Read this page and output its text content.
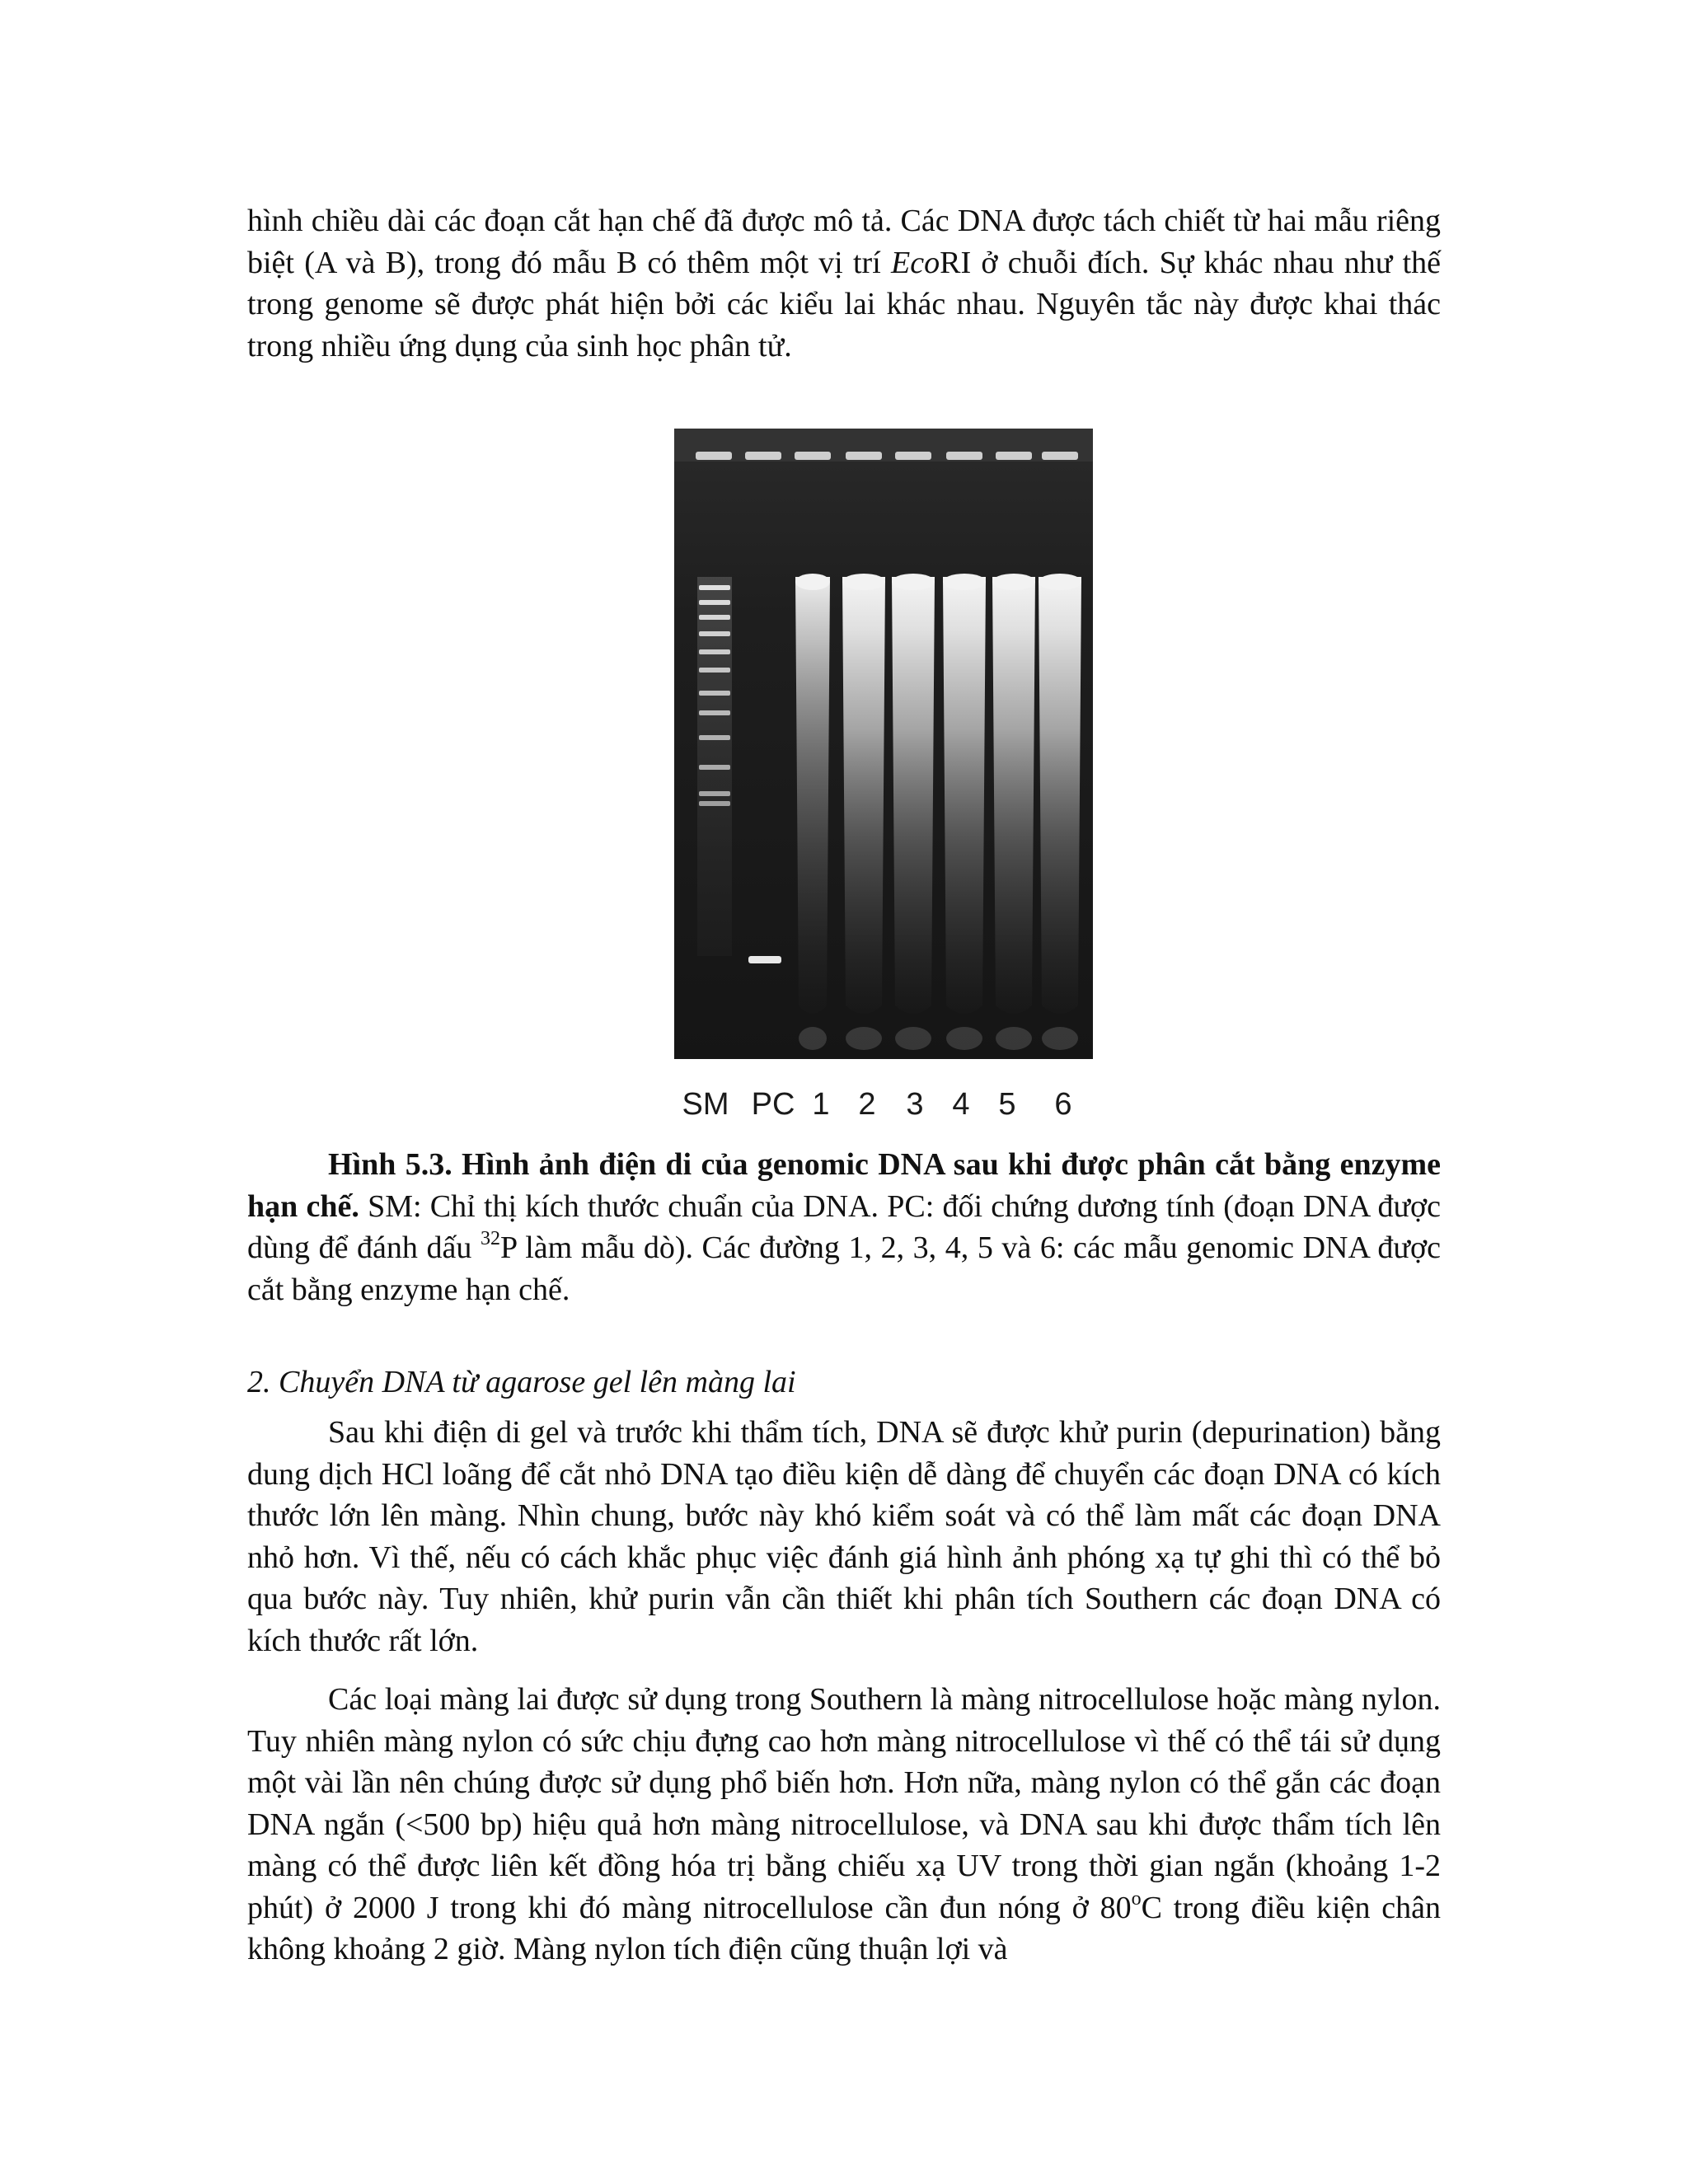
hình chiều dài các đoạn cắt hạn chế đã được mô tả. Các DNA được tách chiết từ hai mẫu riêng biệt (A và B), trong đó mẫu B có thêm một vị trí EcoRI ở chuỗi đích. Sự khác nhau như thế trong genome sẽ được phát hiện bởi các kiểu lai khác nhau. Nguyên tắc này được khai thác trong nhiều ứng dụng của sinh học phân tử.

SM PC 1 2 3 4 5	6

Hình 5.3. Hình ảnh điện di của genomic DNA sau khi được phân cắt bằng enzyme hạn chế. SM: Chỉ thị kích thước chuẩn của DNA. PC: đối chứng dương tính (đoạn DNA được dùng để đánh dấu $^{32}$P làm mẫu dò). Các đường 1, 2, 3, 4, 5 và 6: các mẫu genomic DNA được cắt bằng enzyme hạn chế.

2. Chuyển DNA từ agarose gel lên màng lai

Sau khi điện di gel và trước khi thẩm tích, DNA sẽ được khử purin (depurination) bằng dung dịch HCl loãng để cắt nhỏ DNA tạo điều kiện dễ dàng để chuyển các đoạn DNA có kích thước lớn lên màng. Nhìn chung, bước này khó kiểm soát và có thể làm mất các đoạn DNA nhỏ hơn. Vì thế, nếu có cách khắc phục việc đánh giá hình ảnh phóng xạ tự ghi thì có thể bỏ qua bước này. Tuy nhiên, khử purin vẫn cần thiết khi phân tích Southern các đoạn DNA có kích thước rất lớn.

Các loại màng lai được sử dụng trong Southern là màng nitrocellulose hoặc màng nylon. Tuy nhiên màng nylon có sức chịu đựng cao hơn màng nitrocellulose vì thế có thể tái sử dụng một vài lần nên chúng được sử dụng phổ biến hơn. Hơn nữa, màng nylon có thể gắn các đoạn DNA ngắn (<500 bp) hiệu quả hơn màng nitrocellulose, và DNA sau khi được thẩm tích lên màng có thể được liên kết đồng hóa trị bằng chiếu xạ UV trong thời gian ngắn (khoảng 1-2 phút) ở 2000 J trong khi đó màng nitrocellulose cần đun nóng ở 80$^o$C trong điều kiện chân không khoảng 2 giờ. Màng nylon tích điện cũng thuận lợi và
